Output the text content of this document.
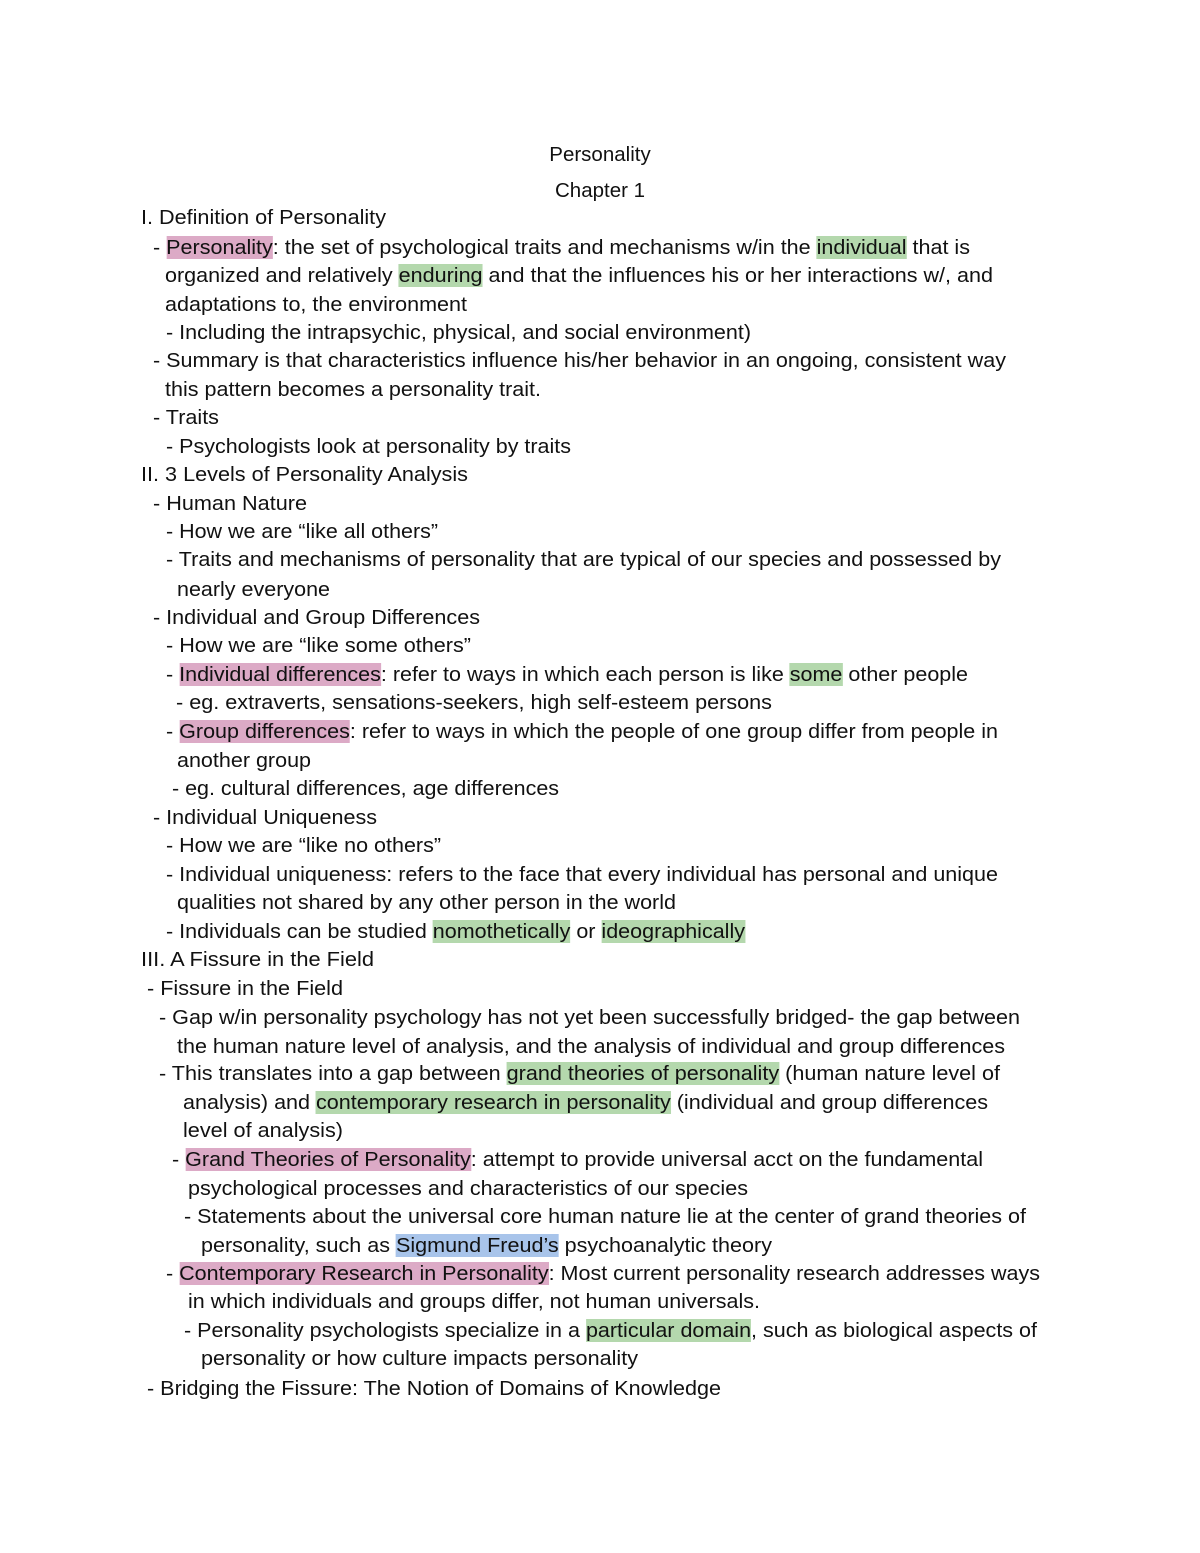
Personality
Chapter 1
I. Definition of Personality
- Personality: the set of psychological traits and mechanisms w/in the individual that is
organized and relatively enduring and that the influences his or her interactions w/, and
adaptations to, the environment
- Including the intrapsychic, physical, and social environment)
- Summary is that characteristics influence his/her behavior in an ongoing, consistent way
this pattern becomes a personality trait.
- Traits
- Psychologists look at personality by traits
II. 3 Levels of Personality Analysis
- Human Nature
- How we are “like all others”
- Traits and mechanisms of personality that are typical of our species and possessed by
nearly everyone
- Individual and Group Differences
- How we are “like some others”
- Individual differences: refer to ways in which each person is like some other people
- eg. extraverts, sensations-seekers, high self-esteem persons
- Group differences: refer to ways in which the people of one group differ from people in
another group
- eg. cultural differences, age differences
- Individual Uniqueness
- How we are “like no others”
- Individual uniqueness: refers to the face that every individual has personal and unique
qualities not shared by any other person in the world
- Individuals can be studied nomothetically or ideographically
III. A Fissure in the Field
- Fissure in the Field
- Gap w/in personality psychology has not yet been successfully bridged- the gap between
the human nature level of analysis, and the analysis of individual and group differences
- This translates into a gap between grand theories of personality (human nature level of
analysis) and contemporary research in personality (individual and group differences
level of analysis)
- Grand Theories of Personality: attempt to provide universal acct on the fundamental
psychological processes and characteristics of our species
- Statements about the universal core human nature lie at the center of grand theories of
personality, such as Sigmund Freud’s psychoanalytic theory
- Contemporary Research in Personality: Most current personality research addresses ways
in which individuals and groups differ, not human universals.
- Personality psychologists specialize in a particular domain, such as biological aspects of
personality or how culture impacts personality
- Bridging the Fissure: The Notion of Domains of Knowledge
